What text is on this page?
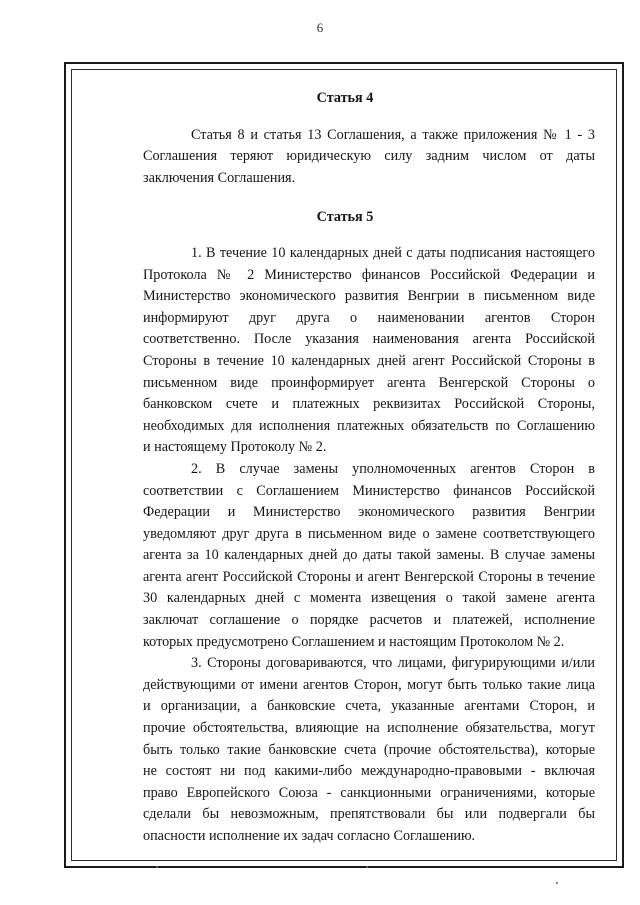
6

Статья 4

Статья 8 и статья 13 Соглашения, а также приложения № 1 - 3
Соглашения теряют юридическую силу задним числом от даты
заключения Соглашения.

Статья 5

1. В течение 10 календарных дней с даты подписания настоящего
Протокола № 2 Министерство финансов Российской Федерации и
Министерство экономического развития Венгрии в письменном виде
информируют друг друга о наименовании агентов Сторон
соответственно. После указания наименования агента Российской
Стороны в течение 10 календарных дней агент Российской Стороны в
письменном виде проинформирует агента Венгерской Стороны о
банковском счете и платежных реквизитах Российской Стороны,
необходимых для исполнения платежных обязательств по Соглашению
и настоящему Протоколу № 2.
2. В случае замены уполномоченных агентов Сторон в
соответствии с Соглашением Министерство финансов Российской
Федерации и Министерство экономического развития Венгрии
уведомляют друг друга в письменном виде о замене соответствующего
агента за 10 календарных дней до даты такой замены. В случае замены
агента агент Российской Стороны и агент Венгерской Стороны в течение
30 календарных дней с момента извещения о такой замене агента
заключат соглашение о порядке расчетов и платежей, исполнение
которых предусмотрено Соглашением и настоящим Протоколом № 2.
3. Стороны договариваются, что лицами, фигурирующими и/или
действующими от имени агентов Сторон, могут быть только такие лица
и организации, а банковские счета, указанные агентами Сторон, и
прочие обстоятельства, влияющие на исполнение обязательства, могут
быть только такие банковские счета (прочие обстоятельства), которые
не состоят ни под какими-либо международно-правовыми - включая
право Европейского Союза - санкционными ограничениями, которые
сделали бы невозможным, препятствовали бы или подвергали бы
опасности исполнение их задач согласно Соглашению.
